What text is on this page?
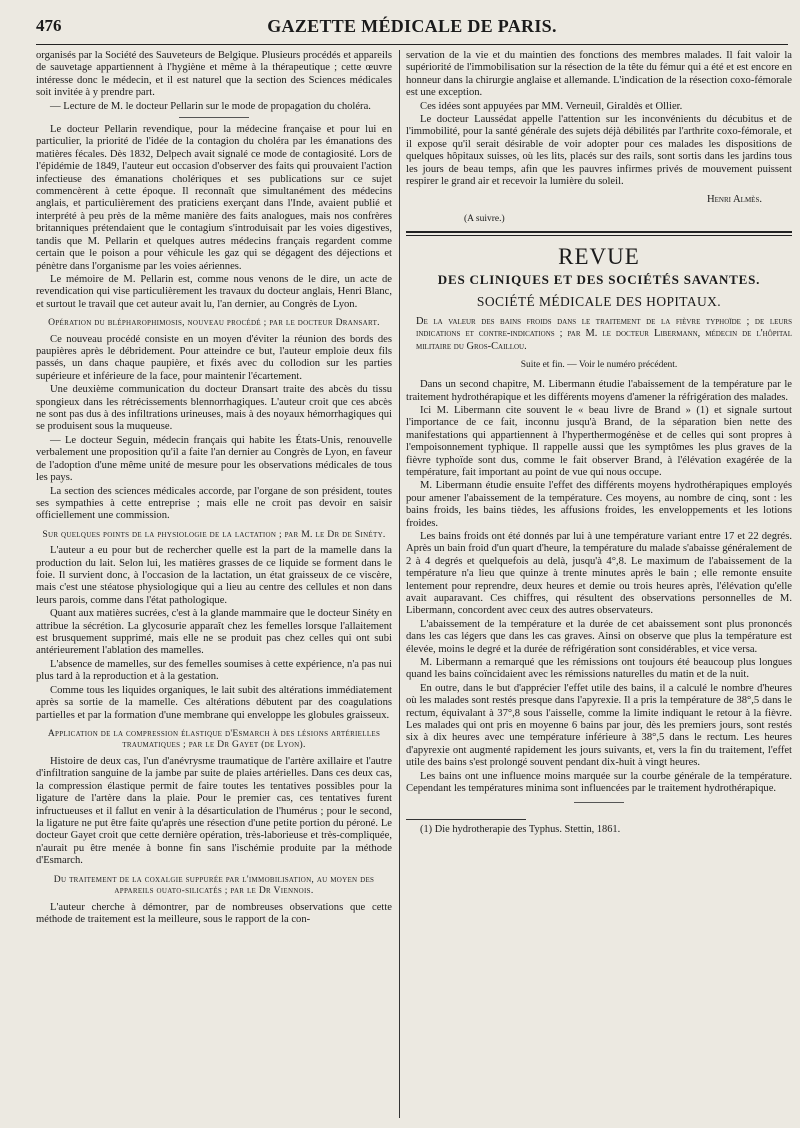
476	GAZETTE MÉDICALE DE PARIS.

organisés par la Société des Sauveteurs de Belgique. Plusieurs procédés et appareils de sauvetage appartiennent à l'hygiène et même à la thérapeutique ; cette œuvre intéresse donc le médecin, et il est naturel que la section des Sciences médicales soit invitée à y prendre part.

— Lecture de M. le docteur Pellarin sur le mode de propagation du choléra.

Le docteur Pellarin revendique, pour la médecine française et pour lui en particulier, la priorité de l'idée de la contagion du choléra par les émanations des matières fécales. Dès 1832, Delpech avait signalé ce mode de contagiosité. Lors de l'épidémie de 1849, l'auteur eut occasion d'observer des faits qui prouvaient l'action infectieuse des émanations cholériques et ses publications sur ce sujet commencèrent à cette époque. Il reconnaît que simultanément des médecins anglais, et particulièrement des praticiens exerçant dans l'Inde, avaient publié et interprété à peu près de la même manière des faits analogues, mais nos confrères britanniques prétendaient que le contagium s'introduisait par les voies digestives, tandis que M. Pellarin et quelques autres médecins français regardent comme certain que le poison a pour véhicule les gaz qui se dégagent des déjections et pénètre dans l'organisme par les voies aériennes.

Le mémoire de M. Pellarin est, comme nous venons de le dire, un acte de revendication qui vise particulièrement les travaux du docteur anglais, Henri Blanc, et surtout le travail que cet auteur avait lu, l'an dernier, au Congrès de Lyon.

Opération du blépharophimosis, nouveau procédé ; par le docteur Dransart.

Ce nouveau procédé consiste en un moyen d'éviter la réunion des bords des paupières après le débridement. Pour atteindre ce but, l'auteur emploie deux fils passés, un dans chaque paupière, et fixés avec du collodion sur les parties supérieure et inférieure de la face, pour maintenir l'écartement.

Une deuxième communication du docteur Dransart traite des abcès du tissu spongieux dans les rétrécissements blennorrhagiques. L'auteur croit que ces abcès ne sont pas dus à des infiltrations urineuses, mais à des noyaux hémorrhagiques qui se produisent sous la muqueuse.

— Le docteur Seguin, médecin français qui habite les États-Unis, renouvelle verbalement une proposition qu'il a faite l'an dernier au Congrès de Lyon, en faveur de l'adoption d'une même unité de mesure pour les observations médicales de tous les pays.

La section des sciences médicales accorde, par l'organe de son président, toutes ses sympathies à cette entreprise ; mais elle ne croit pas devoir en saisir officiellement une commission.

Sur quelques points de la physiologie de la lactation ; par M. le Dr de Sinéty.

L'auteur a eu pour but de rechercher quelle est la part de la mamelle dans la production du lait. Selon lui, les matières grasses de ce liquide se forment dans le foie. Il survient donc, à l'occasion de la lactation, un état graisseux de ce viscère, mais c'est une stéatose physiologique qui a lieu au centre des cellules et non dans leurs parois, comme dans l'état pathologique.

Quant aux matières sucrées, c'est à la glande mammaire que le docteur Sinéty en attribue la sécrétion. La glycosurie apparaît chez les femelles lorsque l'allaitement est brusquement supprimé, mais elle ne se produit pas chez celles qui ont subi antérieurement l'ablation des mamelles.

L'absence de mamelles, sur des femelles soumises à cette expérience, n'a pas nui plus tard à la reproduction et à la gestation.

Comme tous les liquides organiques, le lait subit des altérations immédiatement après sa sortie de la mamelle. Ces altérations débutent par des coagulations partielles et par la formation d'une membrane qui enveloppe les globules graisseux.

Application de la compression élastique d'Esmarch à des lésions artérielles traumatiques ; par le Dr Gayet (de Lyon).

Histoire de deux cas, l'un d'anévrysme traumatique de l'artère axillaire et l'autre d'infiltration sanguine de la jambe par suite de plaies artérielles. Dans ces deux cas, la compression élastique permit de faire toutes les tentatives possibles pour la ligature de l'artère dans la plaie. Pour le premier cas, ces tentatives furent infructueuses et il fallut en venir à la désarticulation de l'humérus ; pour le second, la ligature ne put être faite qu'après une résection d'une petite portion du péroné. Le docteur Gayet croit que cette dernière opération, très-laborieuse et très-compliquée, n'aurait pu être menée à bonne fin sans l'ischémie produite par la méthode d'Esmarch.

Du traitement de la coxalgie suppurée par l'immobilisation, au moyen des appareils ouato-silicatés ; par le Dr Viennois.

L'auteur cherche à démontrer, par de nombreuses observations que cette méthode de traitement est la meilleure, sous le rapport de la con-

servation de la vie et du maintien des fonctions des membres malades. Il fait valoir la supériorité de l'immobilisation sur la résection de la tête du fémur qui a été et est encore en honneur dans la chirurgie anglaise et allemande. L'indication de la résection coxo-fémorale est une exception.

Ces idées sont appuyées par MM. Verneuil, Giraldès et Ollier.

Le docteur Laussédat appelle l'attention sur les inconvénients du décubitus et de l'immobilité, pour la santé générale des sujets déjà débilités par l'arthrite coxo-fémorale, et il expose qu'il serait désirable de voir adopter pour ces malades les dispositions de quelques hôpitaux suisses, où les lits, placés sur des rails, sont sortis dans les jardins tous les jours de beau temps, afin que les pauvres infirmes privés de mouvement puissent respirer le grand air et recevoir la lumière du soleil.

Henri Almès.
(A suivre.)
REVUE
DES CLINIQUES ET DES SOCIÉTÉS SAVANTES.
SOCIÉTÉ MÉDICALE DES HOPITAUX.
De la valeur des bains froids dans le traitement de la fièvre typhoïde ; de leurs indications et contre-indications ; par M. le docteur Libermann, médecin de l'hôpital militaire du Gros-Caillou.
Suite et fin. — Voir le numéro précédent.

Dans un second chapitre, M. Libermann étudie l'abaissement de la température par le traitement hydrothérapique et les différents moyens d'amener la réfrigération des malades.

Ici M. Libermann cite souvent le « beau livre de Brand » (1) et signale surtout l'importance de ce fait, inconnu jusqu'à Brand, de la séparation bien nette des manifestations qui appartiennent à l'hyperthermogénèse et de celles qui sont propres à l'empoisonnement typhique. Il rappelle aussi que les symptômes les plus graves de la fièvre typhoïde sont dus, comme le fait observer Brand, à l'élévation exagérée de la température, fait important au point de vue qui nous occupe.

M. Libermann étudie ensuite l'effet des différents moyens hydrothérapiques employés pour amener l'abaissement de la température. Ces moyens, au nombre de cinq, sont : les bains froids, les bains tièdes, les affusions froides, les enveloppements et les lotions froides.

Les bains froids ont été donnés par lui à une température variant entre 17 et 22 degrés. Après un bain froid d'un quart d'heure, la température du malade s'abaisse généralement de 2 à 4 degrés et quelquefois au delà, jusqu'à 4°,8. Le maximum de l'abaissement de la température n'a lieu que quinze à trente minutes après le bain ; elle remonte ensuite lentement pour reprendre, deux heures et demie ou trois heures après, l'élévation qu'elle avait auparavant. Ces chiffres, qui résultent des observations personnelles de M. Libermann, concordent avec ceux des autres observateurs.

L'abaissement de la température et la durée de cet abaissement sont plus prononcés dans les cas légers que dans les cas graves. Ainsi on observe que plus la température est élevée, moins le degré et la durée de réfrigération sont considérables, et vice versa.

M. Libermann a remarqué que les rémissions ont toujours été beaucoup plus longues quand les bains coïncidaient avec les rémissions naturelles du matin et de la nuit.

En outre, dans le but d'apprécier l'effet utile des bains, il a calculé le nombre d'heures où les malades sont restés presque dans l'apyrexie. Il a pris la température de 38°,5 dans le rectum, équivalant à 37°,8 sous l'aisselle, comme la limite indiquant le retour à la fièvre. Les malades qui ont pris en moyenne 6 bains par jour, dès les premiers jours, sont restés six à dix heures avec une température inférieure à 38°,5 dans le rectum. Les heures d'apyrexie ont augmenté rapidement les jours suivants, et, vers la fin du traitement, l'effet utile des bains s'est prolongé souvent pendant dix-huit à vingt heures.

Les bains ont une influence moins marquée sur la courbe générale de la température. Cependant les températures minima sont influencées par le traitement hydrothérapique.

(1) Die hydrotherapie des Typhus. Stettin, 1861.
